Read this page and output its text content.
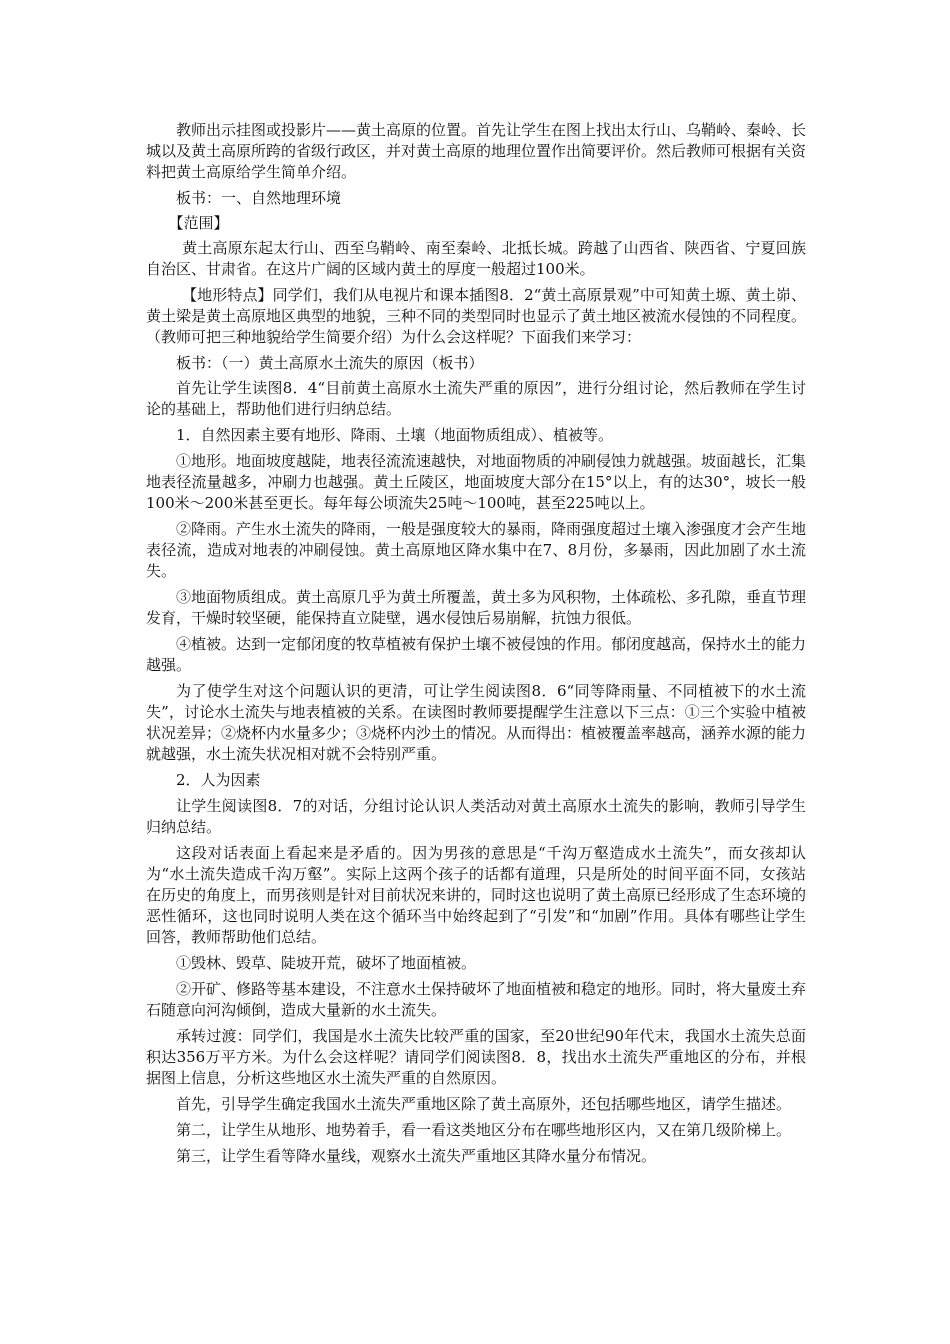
教师出示挂图或投影片——黄土高原的位置。首先让学生在图上找出太行山、乌鞘岭、秦岭、长城以及黄土高原所跨的省级行政区，并对黄土高原的地理位置作出简要评价。然后教师可根据有关资料把黄土高原给学生简单介绍。

板书：一、自然地理环境

【范围】

黄土高原东起太行山、西至乌鞘岭、南至秦岭、北抵长城。跨越了山西省、陕西省、宁夏回族自治区、甘肃省。在这片广阔的区域内黄土的厚度一般超过100米。

【地形特点】同学们，我们从电视片和课本插图8．2“黄土高原景观”中可知黄土塬、黄土峁、黄土梁是黄土高原地区典型的地貌，三种不同的类型同时也显示了黄土地区被流水侵蚀的不同程度。（教师可把三种地貌给学生简要介绍）为什么会这样呢？下面我们来学习：

板书：（一）黄土高原水土流失的原因（板书）

首先让学生读图8．4“目前黄土高原水土流失严重的原因”，进行分组讨论，然后教师在学生讨论的基础上，帮助他们进行归纳总结。

1．自然因素主要有地形、降雨、土壤（地面物质组成）、植被等。

①地形。地面坡度越陡，地表径流流速越快，对地面物质的冲刷侵蚀力就越强。坡面越长，汇集地表径流量越多，冲刷力也越强。黄土丘陵区，地面坡度大部分在15°以上，有的达30°，坡长一般100米～200米甚至更长。每年每公顷流失25吨～100吨，甚至225吨以上。

②降雨。产生水土流失的降雨，一般是强度较大的暴雨，降雨强度超过土壤入渗强度才会产生地表径流，造成对地表的冲刷侵蚀。黄土高原地区降水集中在7、8月份，多暴雨，因此加剧了水土流失。

③地面物质组成。黄土高原几乎为黄土所覆盖，黄土多为风积物，土体疏松、多孔隙，垂直节理发育，干燥时较坚硬，能保持直立陡壁，遇水侵蚀后易崩解，抗蚀力很低。

④植被。达到一定郁闭度的牧草植被有保护土壤不被侵蚀的作用。郁闭度越高，保持水土的能力越强。

为了使学生对这个问题认识的更清，可让学生阅读图8．6“同等降雨量、不同植被下的水土流失”，讨论水土流失与地表植被的关系。在读图时教师要提醒学生注意以下三点：①三个实验中植被状况差异；②烧杯内水量多少；③烧杯内沙土的情况。从而得出：植被覆盖率越高，涵养水源的能力就越强，水土流失状况相对就不会特别严重。

2．人为因素

让学生阅读图8．7的对话，分组讨论认识人类活动对黄土高原水土流失的影响，教师引导学生归纳总结。

这段对话表面上看起来是矛盾的。因为男孩的意思是“千沟万壑造成水土流失”，而女孩却认为“水土流失造成千沟万壑”。实际上这两个孩子的话都有道理，只是所处的时间平面不同，女孩站在历史的角度上，而男孩则是针对目前状况来讲的，同时这也说明了黄土高原已经形成了生态环境的恶性循环，这也同时说明人类在这个循环当中始终起到了“引发”和“加剧”作用。具体有哪些让学生回答，教师帮助他们总结。

①毁林、毁草、陡坡开荒，破坏了地面植被。

②开矿、修路等基本建设，不注意水土保持破坏了地面植被和稳定的地形。同时，将大量废土弃石随意向河沟倾倒，造成大量新的水土流失。

承转过渡：同学们，我国是水土流失比较严重的国家，至20世纪90年代末，我国水土流失总面积达356万平方米。为什么会这样呢？请同学们阅读图8．8，找出水土流失严重地区的分布，并根据图上信息，分析这些地区水土流失严重的自然原因。

首先，引导学生确定我国水土流失严重地区除了黄土高原外，还包括哪些地区，请学生描述。

第二，让学生从地形、地势着手，看一看这类地区分布在哪些地形区内，又在第几级阶梯上。

第三，让学生看等降水量线，观察水土流失严重地区其降水量分布情况。
